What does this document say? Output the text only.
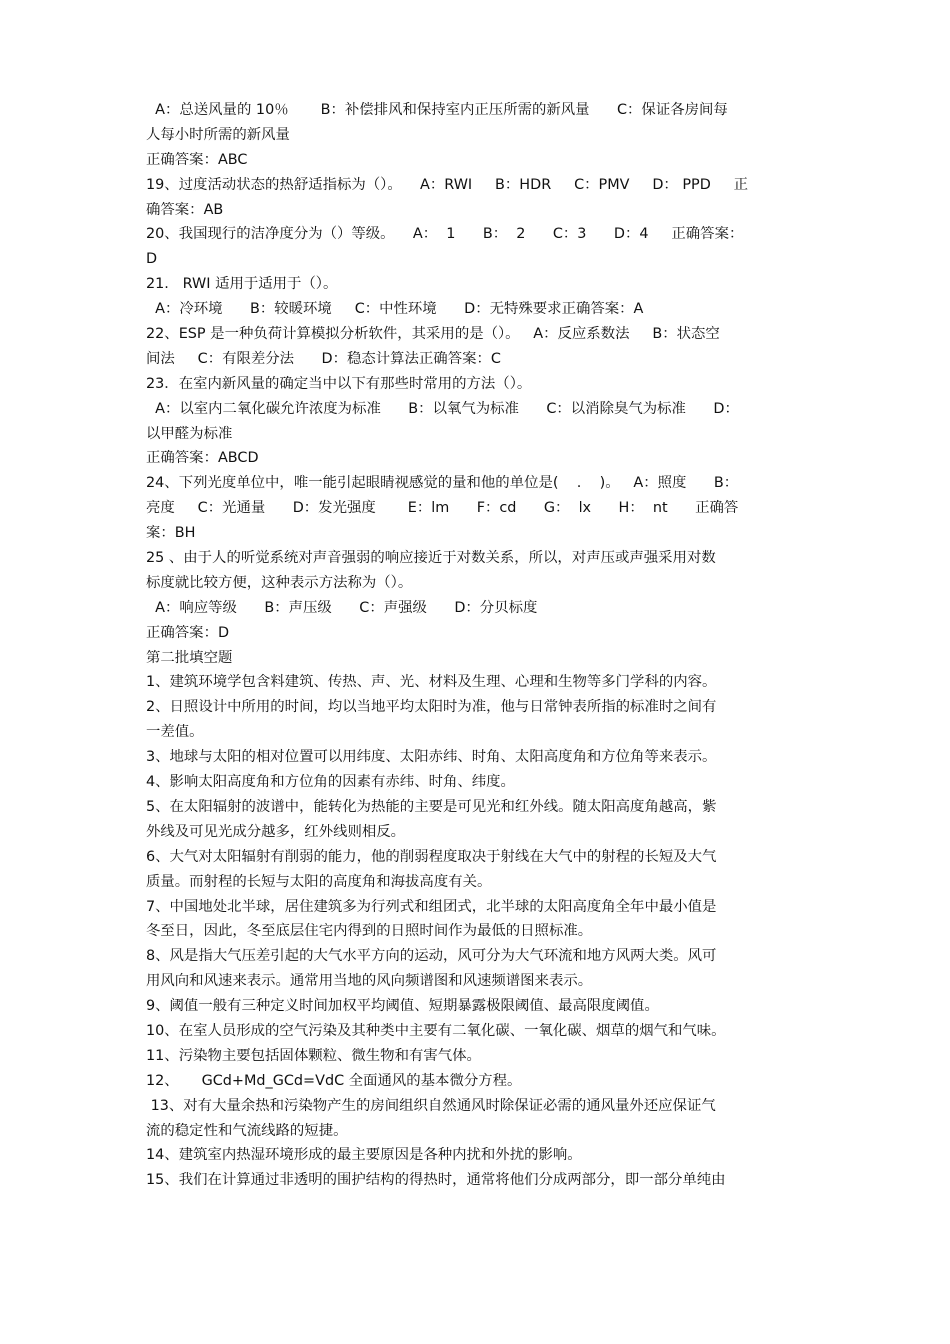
A：总送风量的 10％       B：补偿排风和保持室内正压所需的新风量      C：保证各房间每
人每小时所需的新风量
正确答案：ABC
19、过度活动状态的热舒适指标为（）。    A：RWI     B：HDR     C：PMV     D： PPD     正
确答案：AB
20、我国现行的洁净度分为（）等级。    A：  1      B：  2      C：3      D：4     正确答案：
D
21.   RWI 适用于适用于（）。
A：冷环境      B：较暖环境     C：中性环境      D：无特殊要求正确答案：A
22、ESP 是一种负荷计算模拟分析软件，其采用的是（）。   A：反应系数法     B：状态空
间法     C：有限差分法      D：稳态计算法正确答案：C
23．在室内新风量的确定当中以下有那些时常用的方法（）。
A：以室内二氧化碳允许浓度为标准      B：以氧气为标准      C：以消除臭气为标准      D：
以甲醛为标准
正确答案：ABCD
24、下列光度单位中，唯一能引起眼睛视感觉的量和他的单位是(    .    )。   A：照度      B：
亮度     C：光通量      D：发光强度       E：lm      F：cd      G：  lx      H：  nt      正确答
案：BH
25 、由于人的听觉系统对声音强弱的响应接近于对数关系，所以，对声压或声强采用对数
标度就比较方便，这种表示方法称为（）。
A：响应等级      B：声压级      C：声强级      D：分贝标度
正确答案：D
第二批填空题
1、建筑环境学包含料建筑、传热、声、光、材料及生理、心理和生物等多门学科的内容。
2、日照设计中所用的时间，均以当地平均太阳时为准，他与日常钟表所指的标准时之间有
一差值。
3、地球与太阳的相对位置可以用纬度、太阳赤纬、时角、太阳高度角和方位角等来表示。
4、影响太阳高度角和方位角的因素有赤纬、时角、纬度。
5、在太阳辐射的波谱中，能转化为热能的主要是可见光和红外线。随太阳高度角越高，紫
外线及可见光成分越多，红外线则相反。
6、大气对太阳辐射有削弱的能力，他的削弱程度取决于射线在大气中的射程的长短及大气
质量。而射程的长短与太阳的高度角和海拔高度有关。
7、中国地处北半球，居住建筑多为行列式和组团式，北半球的太阳高度角全年中最小值是
冬至日，因此，冬至底层住宅内得到的日照时间作为最低的日照标准。
8、风是指大气压差引起的大气水平方向的运动，风可分为大气环流和地方风两大类。风可
用风向和风速来表示。通常用当地的风向频谱图和风速频谱图来表示。
9、阈值一般有三种定义时间加权平均阈值、短期暴露极限阈值、最高限度阈值。
10、在室人员形成的空气污染及其种类中主要有二氧化碳、一氧化碳、烟草的烟气和气味。
11、污染物主要包括固体颗粒、微生物和有害气体。
12、     GCd+Md_GCd=VdC 全面通风的基本微分方程。
13、对有大量余热和污染物产生的房间组织自然通风时除保证必需的通风量外还应保证气
流的稳定性和气流线路的短捷。
14、建筑室内热湿环境形成的最主要原因是各种内扰和外扰的影响。
15、我们在计算通过非透明的围护结构的得热时，通常将他们分成两部分，即一部分单纯由
